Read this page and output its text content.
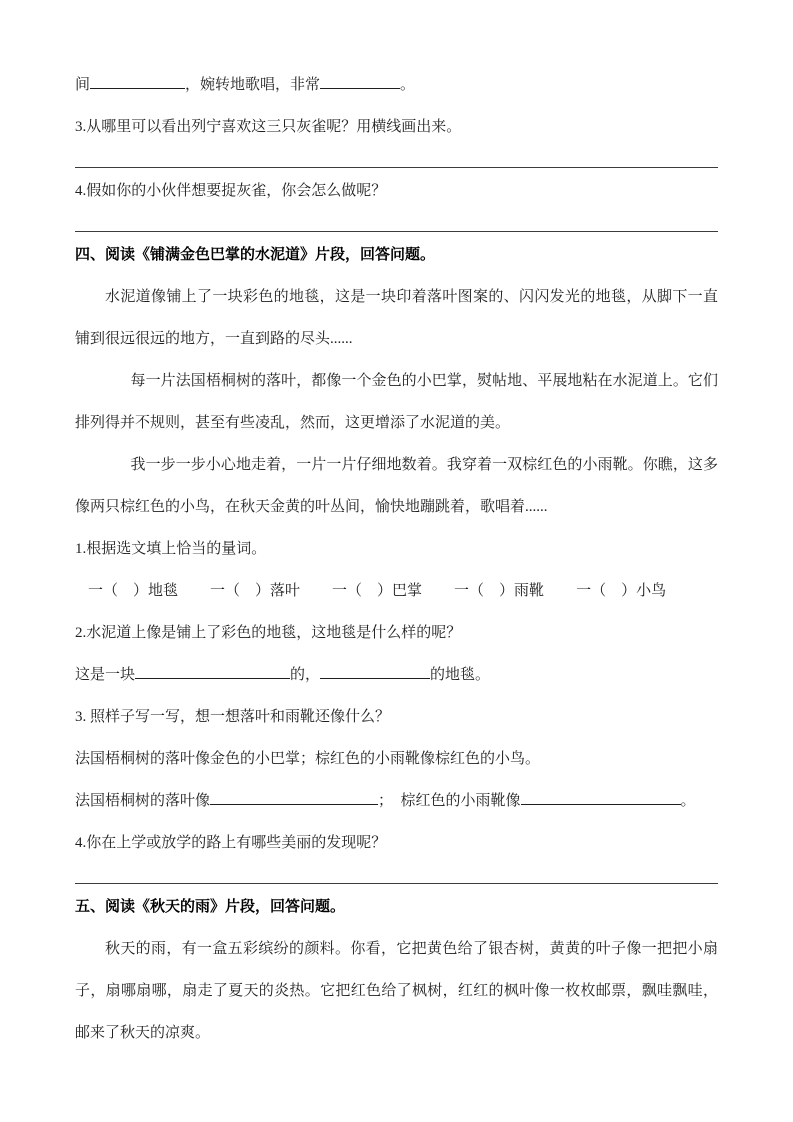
间	，婉转地歌唱，非常	。
3.从哪里可以看出列宁喜欢这三只灰雀呢？用横线画出来。
4.假如你的小伙伴想要捉灰雀，你会怎么做呢？
四、阅读《铺满金色巴掌的水泥道》片段，回答问题。

水泥道像铺上了一块彩色的地毯，这是一块印着落叶图案的、闪闪发光的地毯，从脚下一直铺到很远很远的地方，一直到路的尽头......

每一片法国梧桐树的落叶，都像一个金色的小巴掌，熨帖地、平展地粘在水泥道上。它们排列得并不规则，甚至有些凌乱，然而，这更增添了水泥道的美。

我一步一步小心地走着，一片一片仔细地数着。我穿着一双棕红色的小雨靴。你瞧，这多像两只棕红色的小鸟，在秋天金黄的叶丛间，愉快地蹦跳着，歌唱着......

1.根据选文填上恰当的量词。
一（　）地毯 一（　）落叶 一（　）巴掌 一（　）雨靴 一（　）小鸟
2.水泥道上像是铺上了彩色的地毯，这地毯是什么样的呢？
这是一块	的，	的地毯。
3. 照样子写一写，想一想落叶和雨靴还像什么？
法国梧桐树的落叶像金色的小巴掌；棕红色的小雨靴像棕红色的小鸟。
法国梧桐树的落叶像	；　棕红色的小雨靴像	。
4.你在上学或放学的路上有哪些美丽的发现呢？
五、阅读《秋天的雨》片段，回答问题。

秋天的雨，有一盒五彩缤纷的颜料。你看，它把黄色给了银杏树，黄黄的叶子像一把把小扇子，扇哪扇哪，扇走了夏天的炎热。它把红色给了枫树，红红的枫叶像一枚枚邮票，飘哇飘哇，邮来了秋天的凉爽。
